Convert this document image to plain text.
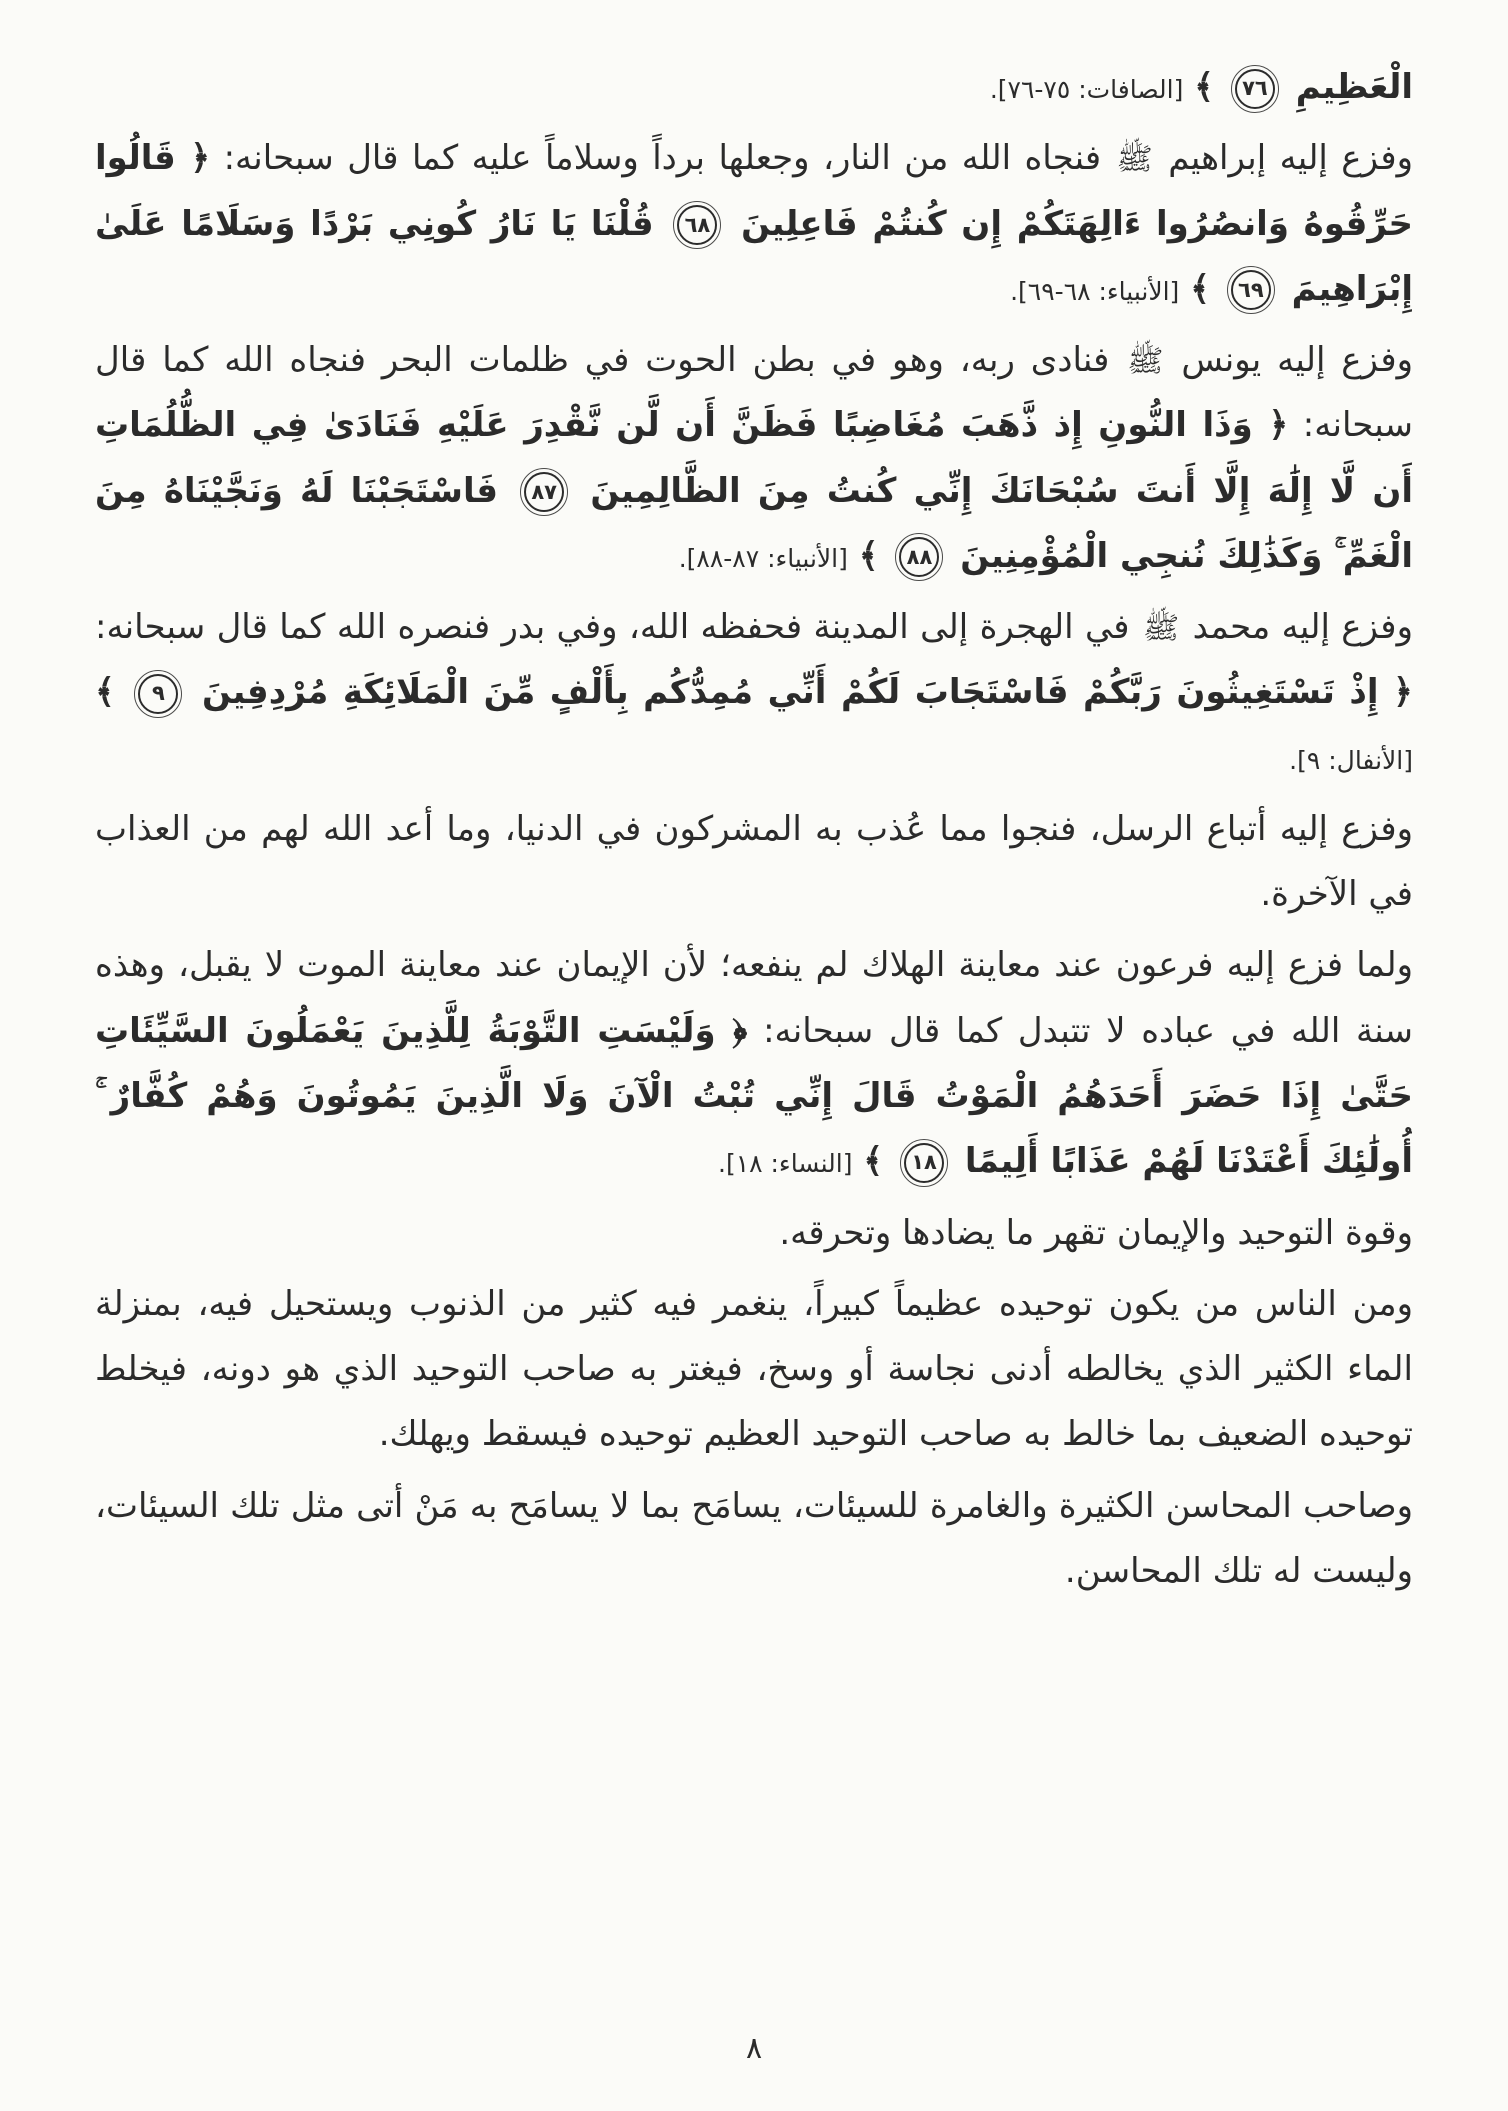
الْعَظِيمِ ٧٦ ﴾ [الصافات: ٧٥-٧٦].

وفزع إليه إبراهيم ﷺ فنجاه الله من النار، وجعلها برداً وسلاماً عليه كما قال سبحانه: ﴿ قَالُوا حَرِّقُوهُ وَانصُرُوا ءَالِهَتَكُمْ إِن كُنتُمْ فَاعِلِينَ ٦٨ قُلْنَا يَا نَارُ كُونِي بَرْدًا وَسَلَامًا عَلَىٰ إِبْرَاهِيمَ ٦٩ ﴾ [الأنبياء: ٦٨-٦٩].

وفزع إليه يونس ﷺ فنادى ربه، وهو في بطن الحوت في ظلمات البحر فنجاه الله كما قال سبحانه: ﴿ وَذَا النُّونِ إِذ ذَّهَبَ مُغَاضِبًا فَظَنَّ أَن لَّن نَّقْدِرَ عَلَيْهِ فَنَادَىٰ فِي الظُّلُمَاتِ أَن لَّا إِلَٰهَ إِلَّا أَنتَ سُبْحَانَكَ إِنِّي كُنتُ مِنَ الظَّالِمِينَ ٨٧ فَاسْتَجَبْنَا لَهُ وَنَجَّيْنَاهُ مِنَ الْغَمِّ ۚ وَكَذَٰلِكَ نُنجِي الْمُؤْمِنِينَ ٨٨ ﴾ [الأنبياء: ٨٧-٨٨].

وفزع إليه محمد ﷺ في الهجرة إلى المدينة فحفظه الله، وفي بدر فنصره الله كما قال سبحانه: ﴿ إِذْ تَسْتَغِيثُونَ رَبَّكُمْ فَاسْتَجَابَ لَكُمْ أَنِّي مُمِدُّكُم بِأَلْفٍ مِّنَ الْمَلَائِكَةِ مُرْدِفِينَ ٩ ﴾ [الأنفال: ٩].

وفزع إليه أتباع الرسل، فنجوا مما عُذب به المشركون في الدنيا، وما أعد الله لهم من العذاب في الآخرة.

ولما فزع إليه فرعون عند معاينة الهلاك لم ينفعه؛ لأن الإيمان عند معاينة الموت لا يقبل، وهذه سنة الله في عباده لا تتبدل كما قال سبحانه: ﴿ وَلَيْسَتِ التَّوْبَةُ لِلَّذِينَ يَعْمَلُونَ السَّيِّئَاتِ حَتَّىٰ إِذَا حَضَرَ أَحَدَهُمُ الْمَوْتُ قَالَ إِنِّي تُبْتُ الْآنَ وَلَا الَّذِينَ يَمُوتُونَ وَهُمْ كُفَّارٌ ۚ أُولَٰئِكَ أَعْتَدْنَا لَهُمْ عَذَابًا أَلِيمًا ١٨ ﴾ [النساء: ١٨].

وقوة التوحيد والإيمان تقهر ما يضادها وتحرقه.

ومن الناس من يكون توحيده عظيماً كبيراً، ينغمر فيه كثير من الذنوب ويستحيل فيه، بمنزلة الماء الكثير الذي يخالطه أدنى نجاسة أو وسخ، فيغتر به صاحب التوحيد الذي هو دونه، فيخلط توحيده الضعيف بما خالط به صاحب التوحيد العظيم توحيده فيسقط ويهلك.

وصاحب المحاسن الكثيرة والغامرة للسيئات، يسامَح بما لا يسامَح به مَنْ أتى مثل تلك السيئات، وليست له تلك المحاسن.

٨
